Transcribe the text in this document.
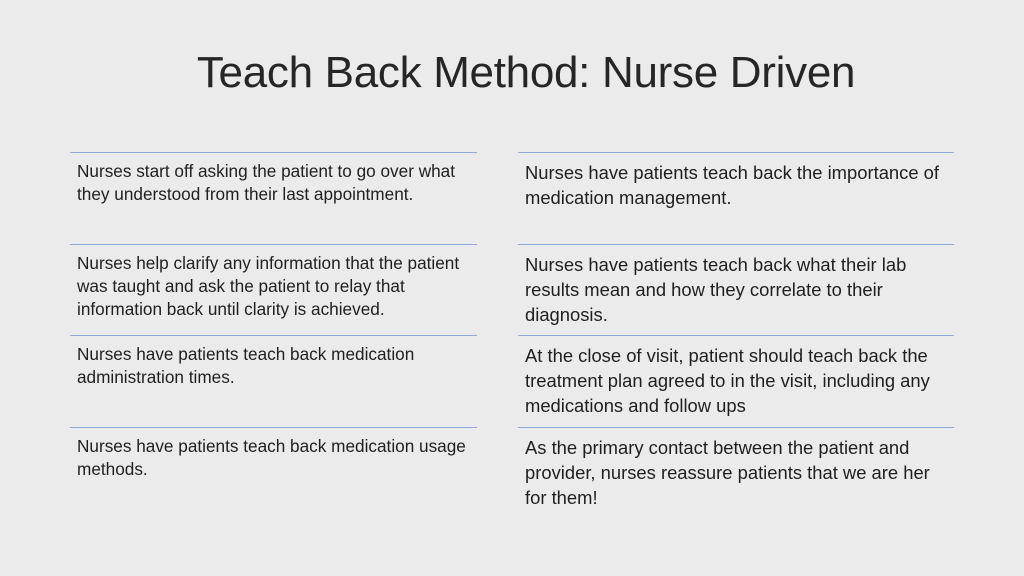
Teach Back Method: Nurse Driven
Nurses start off asking the patient to go over what they understood from their last appointment.
Nurses help clarify any information that the patient was taught and ask the patient to relay that information back until clarity is achieved.
Nurses have patients teach back medication administration times.
Nurses have patients teach back medication usage methods.
Nurses have patients teach back the importance of medication management.
Nurses have patients teach back what their lab results mean and how they correlate to their diagnosis.
At the close of visit, patient should teach back the treatment plan agreed to in the visit, including any medications and follow ups
As the primary contact between the patient and provider, nurses reassure patients that we are her for them!
